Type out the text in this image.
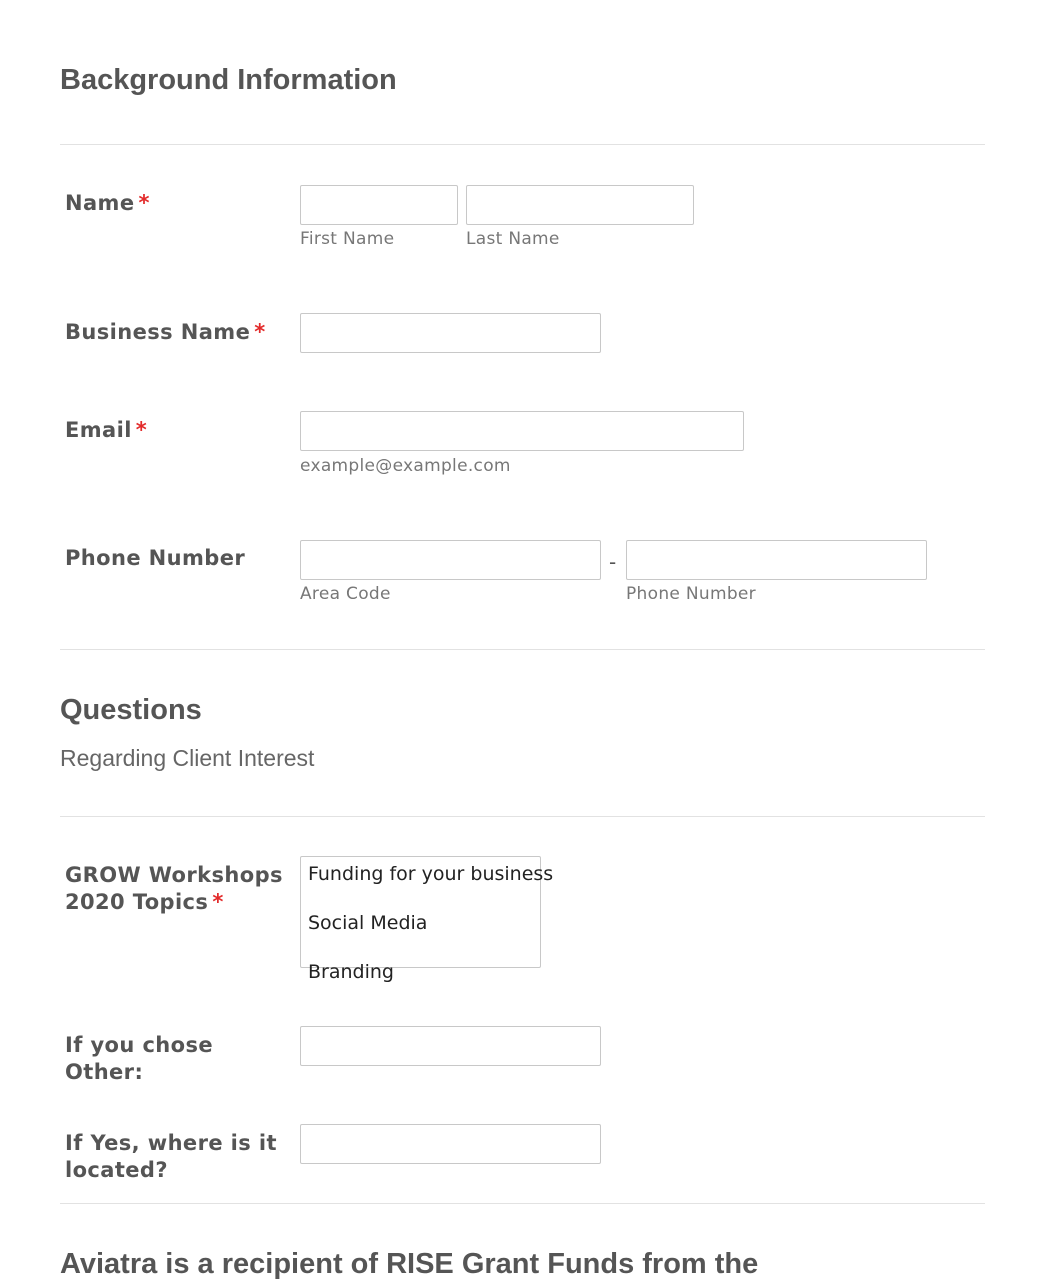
Background Information
Name *
First Name	Last Name
Business Name *
Email *
example@example.com
Phone Number	-
Area Code	Phone Number
Questions
Regarding Client Interest
GROW Workshops 2020 Topics *
Funding for your business
Social Media
Branding
If you chose Other:
If Yes, where is it located?
Aviatra is a recipient of RISE Grant Funds from the
